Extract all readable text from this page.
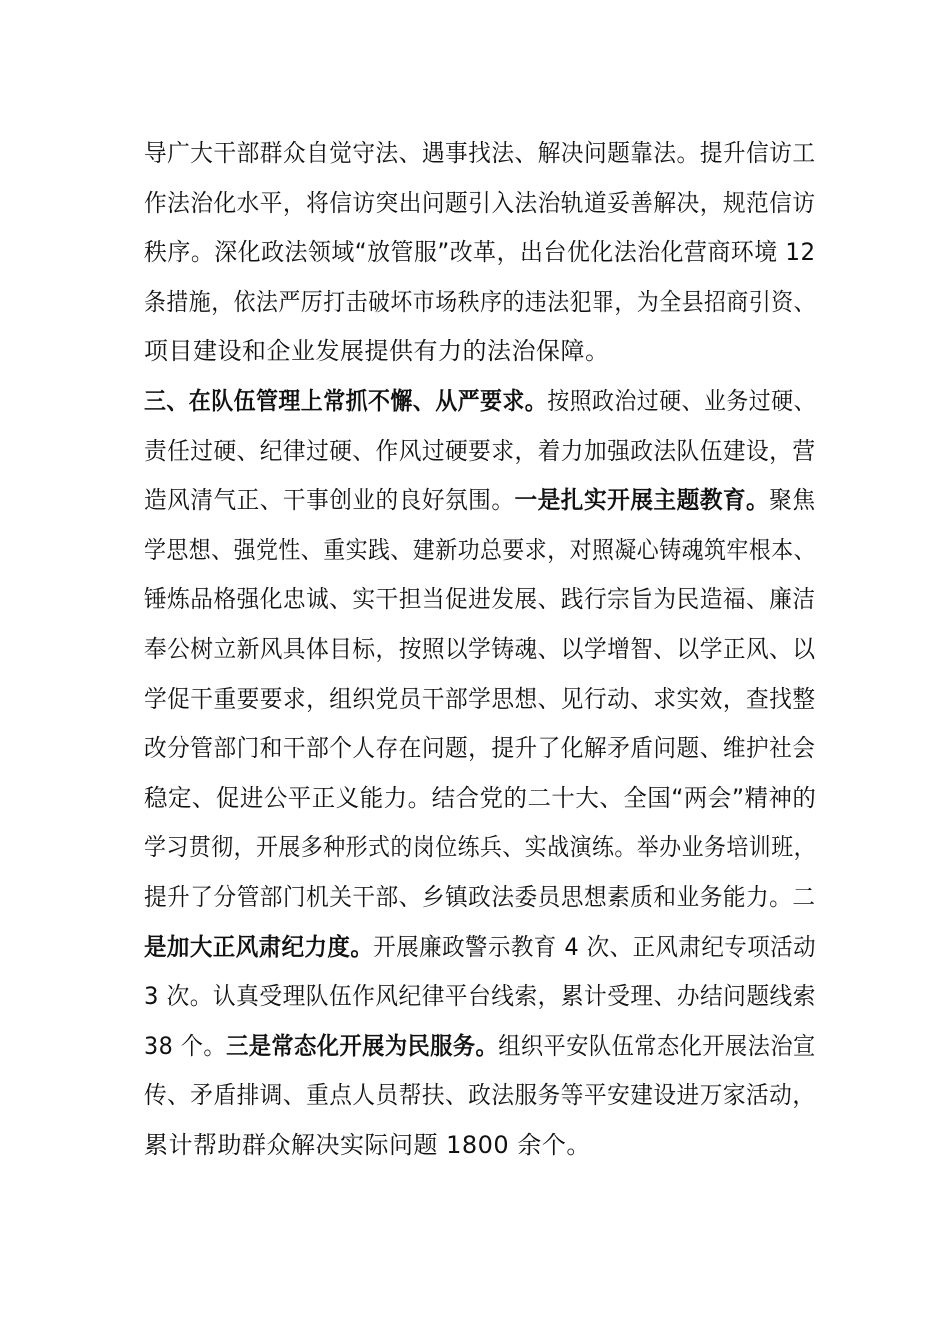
导广大干部群众自觉守法、遇事找法、解决问题靠法。提升信访工
作法治化水平，将信访突出问题引入法治轨道妥善解决，规范信访
秩序。深化政法领域“放管服”改革，出台优化法治化营商环境 12
条措施，依法严厉打击破坏市场秩序的违法犯罪，为全县招商引资、
项目建设和企业发展提供有力的法治保障。
三、在队伍管理上常抓不懈、从严要求。按照政治过硬、业务过硬、
责任过硬、纪律过硬、作风过硬要求，着力加强政法队伍建设，营
造风清气正、干事创业的良好氛围。一是扎实开展主题教育。聚焦
学思想、强党性、重实践、建新功总要求，对照凝心铸魂筑牢根本、
锤炼品格强化忠诚、实干担当促进发展、践行宗旨为民造福、廉洁
奉公树立新风具体目标，按照以学铸魂、以学增智、以学正风、以
学促干重要要求，组织党员干部学思想、见行动、求实效，查找整
改分管部门和干部个人存在问题，提升了化解矛盾问题、维护社会
稳定、促进公平正义能力。结合党的二十大、全国“两会”精神的
学习贯彻，开展多种形式的岗位练兵、实战演练。举办业务培训班，
提升了分管部门机关干部、乡镇政法委员思想素质和业务能力。二
是加大正风肃纪力度。开展廉政警示教育 4 次、正风肃纪专项活动
3 次。认真受理队伍作风纪律平台线索，累计受理、办结问题线索
38 个。三是常态化开展为民服务。组织平安队伍常态化开展法治宣
传、矛盾排调、重点人员帮扶、政法服务等平安建设进万家活动，
累计帮助群众解决实际问题 1800 余个。
